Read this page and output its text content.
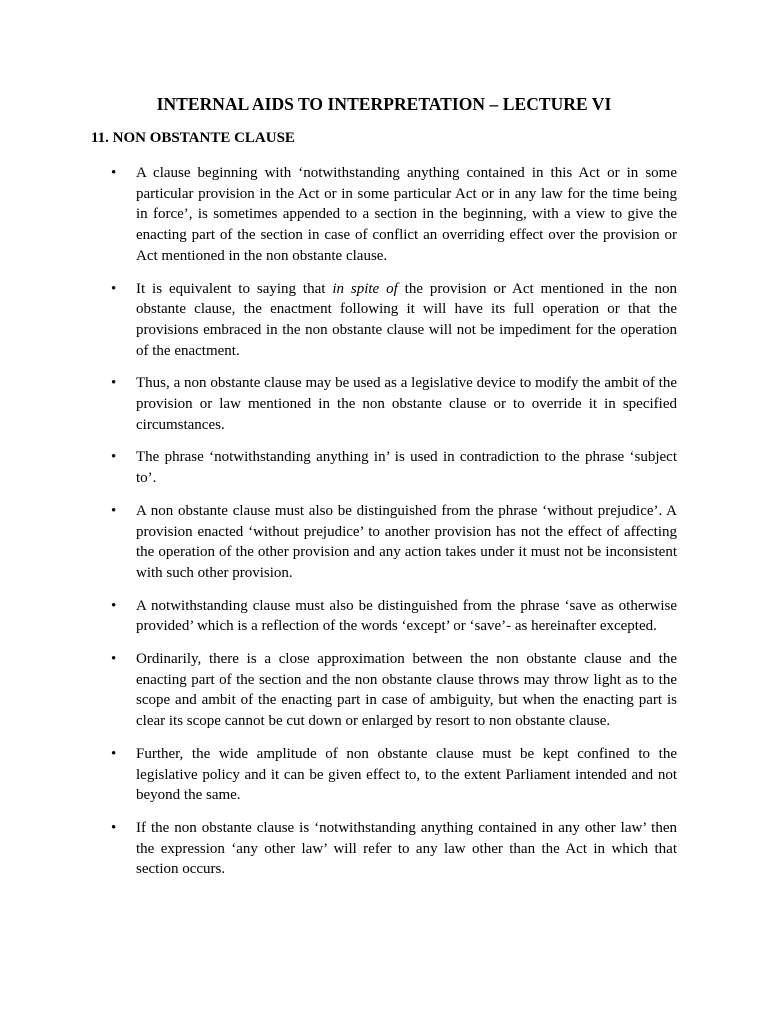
INTERNAL AIDS TO INTERPRETATION – LECTURE VI
11. NON OBSTANTE CLAUSE
• A clause beginning with ‘notwithstanding anything contained in this Act or in some particular provision in the Act or in some particular Act or in any law for the time being in force’, is sometimes appended to a section in the beginning, with a view to give the enacting part of the section in case of conflict an overriding effect over the provision or Act mentioned in the non obstante clause.
• It is equivalent to saying that in spite of the provision or Act mentioned in the non obstante clause, the enactment following it will have its full operation or that the provisions embraced in the non obstante clause will not be impediment for the operation of the enactment.
• Thus, a non obstante clause may be used as a legislative device to modify the ambit of the provision or law mentioned in the non obstante clause or to override it in specified circumstances.
• The phrase ‘notwithstanding anything in’ is used in contradiction to the phrase ‘subject to’.
• A non obstante clause must also be distinguished from the phrase ‘without prejudice’. A provision enacted ‘without prejudice’ to another provision has not the effect of affecting the operation of the other provision and any action takes under it must not be inconsistent with such other provision.
• A notwithstanding clause must also be distinguished from the phrase ‘save as otherwise provided’ which is a reflection of the words ‘except’ or ‘save’- as hereinafter excepted.
• Ordinarily, there is a close approximation between the non obstante clause and the enacting part of the section and the non obstante clause throws may throw light as to the scope and ambit of the enacting part in case of ambiguity, but when the enacting part is clear its scope cannot be cut down or enlarged by resort to non obstante clause.
• Further, the wide amplitude of non obstante clause must be kept confined to the legislative policy and it can be given effect to, to the extent Parliament intended and not beyond the same.
• If the non obstante clause is ‘notwithstanding anything contained in any other law’ then the expression ‘any other law’ will refer to any law other than the Act in which that section occurs.
